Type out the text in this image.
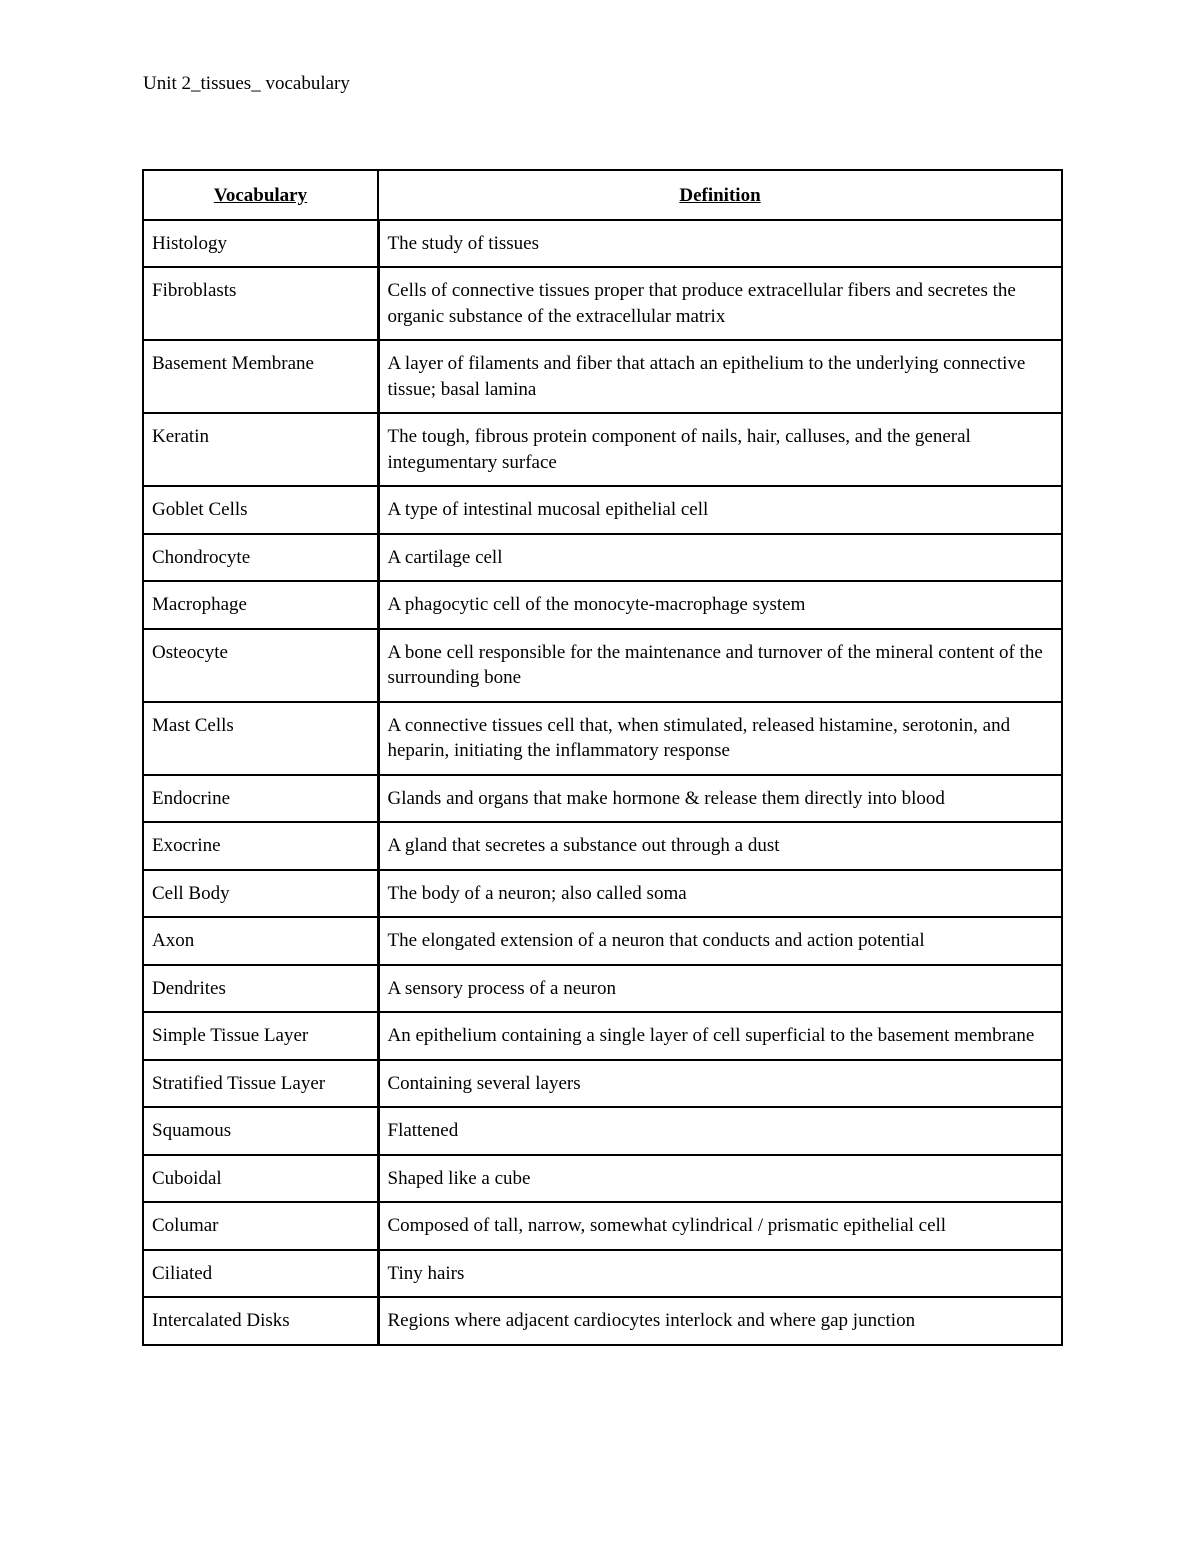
Unit 2_tissues_ vocabulary
Vocabulary	Definition
Histology	The study of tissues
Fibroblasts	Cells of connective tissues proper that produce extracellular fibers and secretes the organic substance of the extracellular matrix
Basement Membrane	A layer of filaments and fiber that attach an epithelium to the underlying connective tissue; basal lamina
Keratin	The tough, fibrous protein component of nails, hair, calluses, and the general integumentary surface
Goblet Cells	A type of intestinal mucosal epithelial cell
Chondrocyte	A cartilage cell
Macrophage	A phagocytic cell of the monocyte-macrophage system
Osteocyte	A bone cell responsible for the maintenance and turnover of the mineral content of the surrounding bone
Mast Cells	A connective tissues cell that, when stimulated, released histamine, serotonin, and heparin, initiating the inflammatory response
Endocrine	Glands and organs that make hormone & release them directly into blood
Exocrine	A gland that secretes a substance out through a dust
Cell Body	The body of a neuron; also called soma
Axon	The elongated extension of a neuron that conducts and action potential
Dendrites	A sensory process of a neuron
Simple Tissue Layer	An epithelium containing a single layer of cell superficial to the basement membrane
Stratified Tissue Layer	Containing several layers
Squamous	Flattened
Cuboidal	Shaped like a cube
Columar	Composed of tall, narrow, somewhat cylindrical / prismatic epithelial cell
Ciliated	Tiny hairs
Intercalated Disks	Regions where adjacent cardiocytes interlock and where gap junction
